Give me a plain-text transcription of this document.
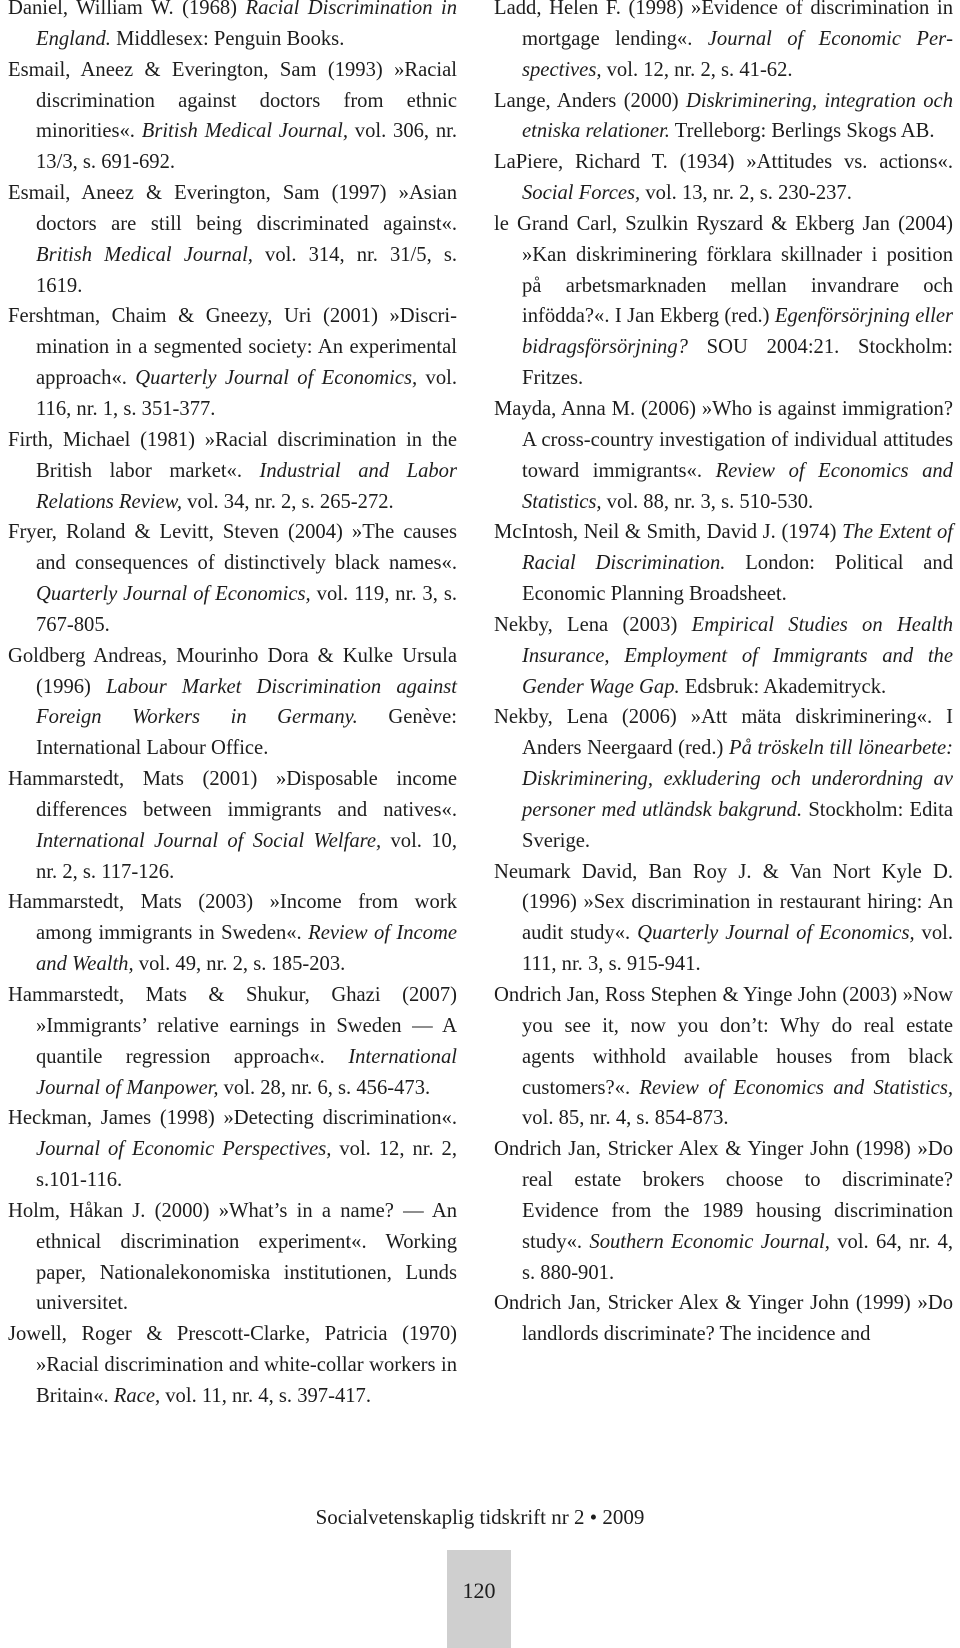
Daniel, William W. (1968) Racial Discrimination in England. Middlesex: Penguin Books.

Esmail, Aneez & Everington, Sam (1993) »Racial discrimination against doctors from ethnic minorities«. British Medical Journal, vol. 306, nr. 13/3, s. 691-692.

Esmail, Aneez & Everington, Sam (1997) »Asian doctors are still being discriminated against«. British Medical Journal, vol. 314, nr. 31/5, s. 1619.

Fershtman, Chaim & Gneezy, Uri (2001) »Discrimination in a segmented society: An experimental approach«. Quarterly Journal of Economics, vol. 116, nr. 1, s. 351-377.

Firth, Michael (1981) »Racial discrimination in the British labor market«. Industrial and Labor Relations Review, vol. 34, nr. 2, s. 265-272.

Fryer, Roland & Levitt, Steven (2004) »The causes and consequences of distinctively black names«. Quarterly Journal of Economics, vol. 119, nr. 3, s. 767-805.

Goldberg Andreas, Mourinho Dora & Kulke Ursula (1996) Labour Market Discrimination against Foreign Workers in Germany. Genève: International Labour Office.

Hammarstedt, Mats (2001) »Disposable income differences between immigrants and natives«. International Journal of Social Welfare, vol. 10, nr. 2, s. 117-126.

Hammarstedt, Mats (2003) »Income from work among immigrants in Sweden«. Review of Income and Wealth, vol. 49, nr. 2, s. 185-203.

Hammarstedt, Mats & Shukur, Ghazi (2007) »Immigrants’ relative earnings in Sweden — A quantile regression approach«. International Journal of Manpower, vol. 28, nr. 6, s. 456-473.

Heckman, James (1998) »Detecting discrimination«. Journal of Economic Perspectives, vol. 12, nr. 2, s.101-116.

Holm, Håkan J. (2000) »What’s in a name? — An ethnical discrimination experiment«. Working paper, Nationalekonomiska institutionen, Lunds universitet.

Jowell, Roger & Prescott-Clarke, Patricia (1970) »Racial discrimination and white-collar workers in Britain«. Race, vol. 11, nr. 4, s. 397-417.

Ladd, Helen F. (1998) »Evidence of discrimination in mortgage lending«. Journal of Economic Perspectives, vol. 12, nr. 2, s. 41-62.

Lange, Anders (2000) Diskriminering, integration och etniska relationer. Trelleborg: Berlings Skogs AB.

LaPiere, Richard T. (1934) »Attitudes vs. actions«. Social Forces, vol. 13, nr. 2, s. 230-237.

le Grand Carl, Szulkin Ryszard & Ekberg Jan (2004) »Kan diskriminering förklara skillnader i position på arbetsmarknaden mellan invandrare och infödda?«. I Jan Ekberg (red.) Egenförsörjning eller bidragsförsörjning? SOU 2004:21. Stockholm: Fritzes.

Mayda, Anna M. (2006) »Who is against immigration? A cross-country investigation of individual attitudes toward immigrants«. Review of Economics and Statistics, vol. 88, nr. 3, s. 510-530.

McIntosh, Neil & Smith, David J. (1974) The Extent of Racial Discrimination. London: Political and Economic Planning Broadsheet.

Nekby, Lena (2003) Empirical Studies on Health Insurance, Employment of Immigrants and the Gender Wage Gap. Edsbruk: Akademitryck.

Nekby, Lena (2006) »Att mäta diskriminering«. I Anders Neergaard (red.) På tröskeln till lönearbete: Diskriminering, exkludering och underordning av personer med utländsk bakgrund. Stockholm: Edita Sverige.

Neumark David, Ban Roy J. & Van Nort Kyle D. (1996) »Sex discrimination in restaurant hiring: An audit study«. Quarterly Journal of Economics, vol. 111, nr. 3, s. 915-941.

Ondrich Jan, Ross Stephen & Yinge John (2003) »Now you see it, now you don’t: Why do real estate agents withhold available houses from black customers?«. Review of Economics and Statistics, vol. 85, nr. 4, s. 854-873.

Ondrich Jan, Stricker Alex & Yinger John (1998) »Do real estate brokers choose to discriminate? Evidence from the 1989 housing discrimination study«. Southern Economic Journal, vol. 64, nr. 4, s. 880-901.

Ondrich Jan, Stricker Alex & Yinger John (1999) »Do landlords discriminate? The incidence and

Socialvetenskaplig tidskrift nr 2 • 2009
120
